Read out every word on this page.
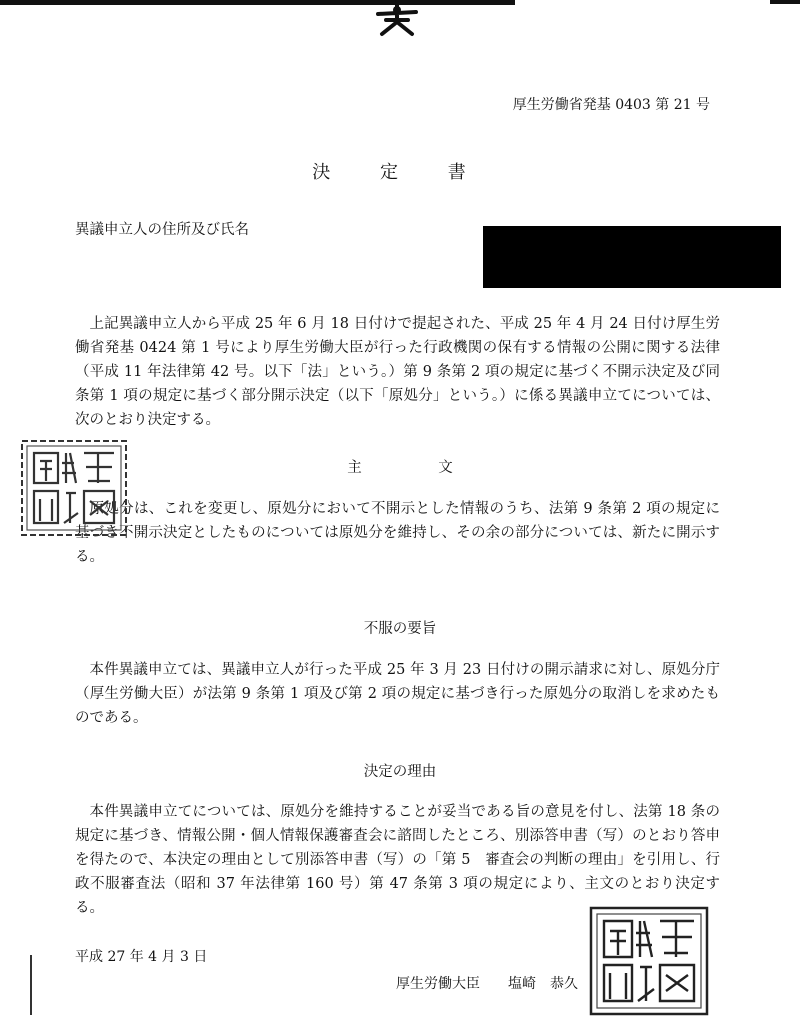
厚生労働省発基 0403 第 21 号
決 定 書
異議申立人の住所及び氏名

上記異議申立人から平成 25 年 6 月 18 日付けで提起された、平成 25 年 4 月 24 日付け厚生労働省発基 0424 第 1 号により厚生労働大臣が行った行政機関の保有する情報の公開に関する法律（平成 11 年法律第 42 号。以下「法」という。）第 9 条第 2 項の規定に基づく不開示決定及び同条第 1 項の規定に基づく部分開示決定（以下「原処分」という。）に係る異議申立てについては、次のとおり決定する。

主 文

原処分は、これを変更し、原処分において不開示とした情報のうち、法第 9 条第 2 項の規定に基づき不開示決定としたものについては原処分を維持し、その余の部分については、新たに開示する。

不服の要旨

本件異議申立ては、異議申立人が行った平成 25 年 3 月 23 日付けの開示請求に対し、原処分庁（厚生労働大臣）が法第 9 条第 1 項及び第 2 項の規定に基づき行った原処分の取消しを求めたものである。

決定の理由

本件異議申立てについては、原処分を維持することが妥当である旨の意見を付し、法第 18 条の規定に基づき、情報公開・個人情報保護審査会に諮問したところ、別添答申書（写）のとおり答申を得たので、本決定の理由として別添答申書（写）の「第 5　審査会の判断の理由」を引用し、行政不服審査法（昭和 37 年法律第 160 号）第 47 条第 3 項の規定により、主文のとおり決定する。

平成 27 年 4 月 3 日
厚生労働大臣　　 塩崎　恭久
